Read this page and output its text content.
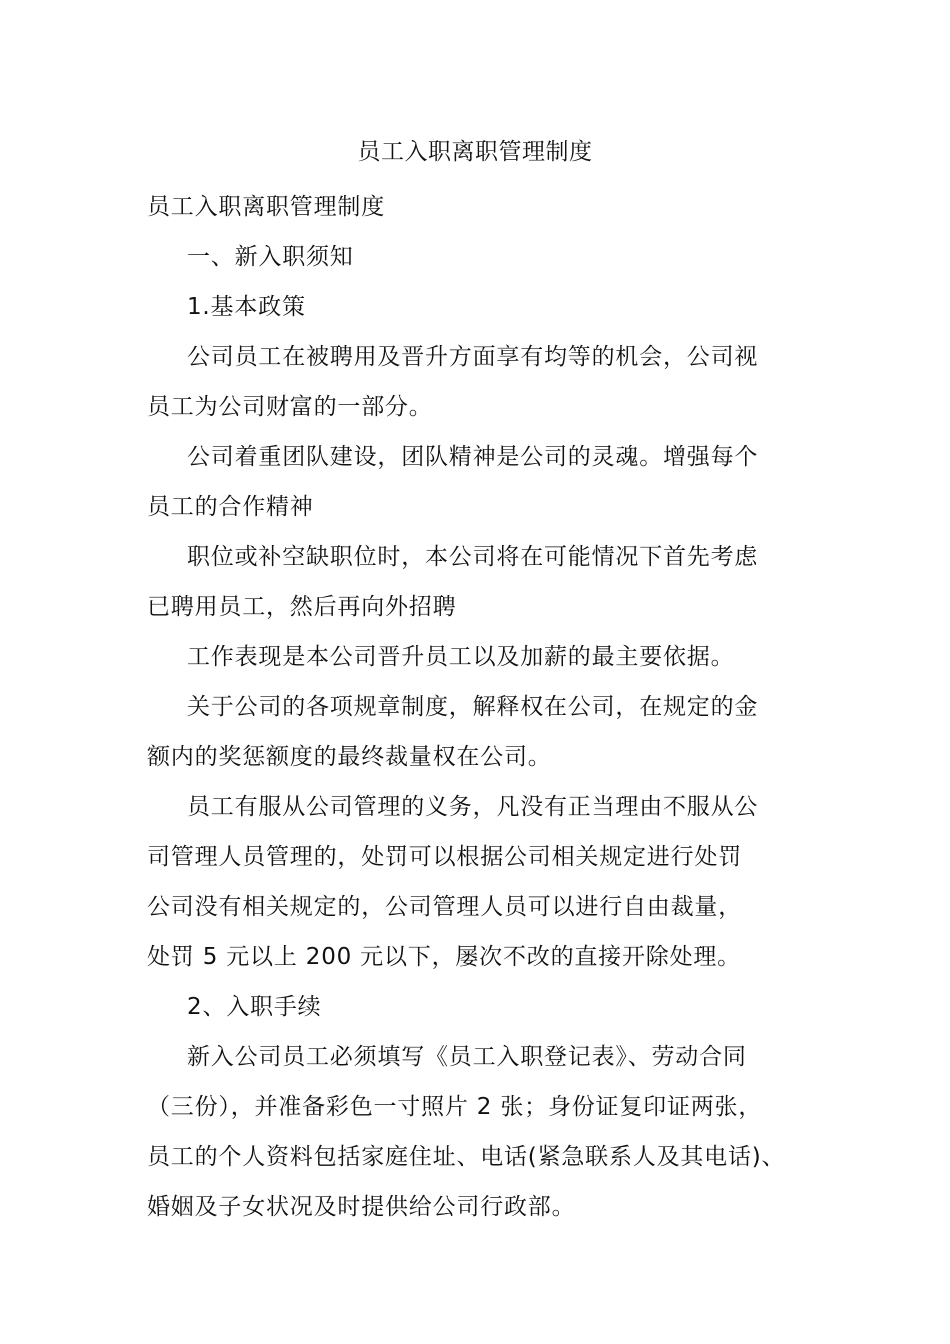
员工入职离职管理制度

员工入职离职管理制度

一、新入职须知

1.基本政策

公司员工在被聘用及晋升方面享有均等的机会，公司视

员工为公司财富的一部分。

公司着重团队建设，团队精神是公司的灵魂。增强每个

员工的合作精神

职位或补空缺职位时，本公司将在可能情况下首先考虑

已聘用员工，然后再向外招聘

工作表现是本公司晋升员工以及加薪的最主要依据。

关于公司的各项规章制度，解释权在公司，在规定的金

额内的奖惩额度的最终裁量权在公司。

员工有服从公司管理的义务，凡没有正当理由不服从公

司管理人员管理的，处罚可以根据公司相关规定进行处罚

公司没有相关规定的，公司管理人员可以进行自由裁量，

处罚 5 元以上 200 元以下，屡次不改的直接开除处理。

2、入职手续

新入公司员工必须填写《员工入职登记表》、劳动合同

（三份），并准备彩色一寸照片 2 张；身份证复印证两张，

员工的个人资料包括家庭住址、电话(紧急联系人及其电话)、

婚姻及子女状况及时提供给公司行政部。
